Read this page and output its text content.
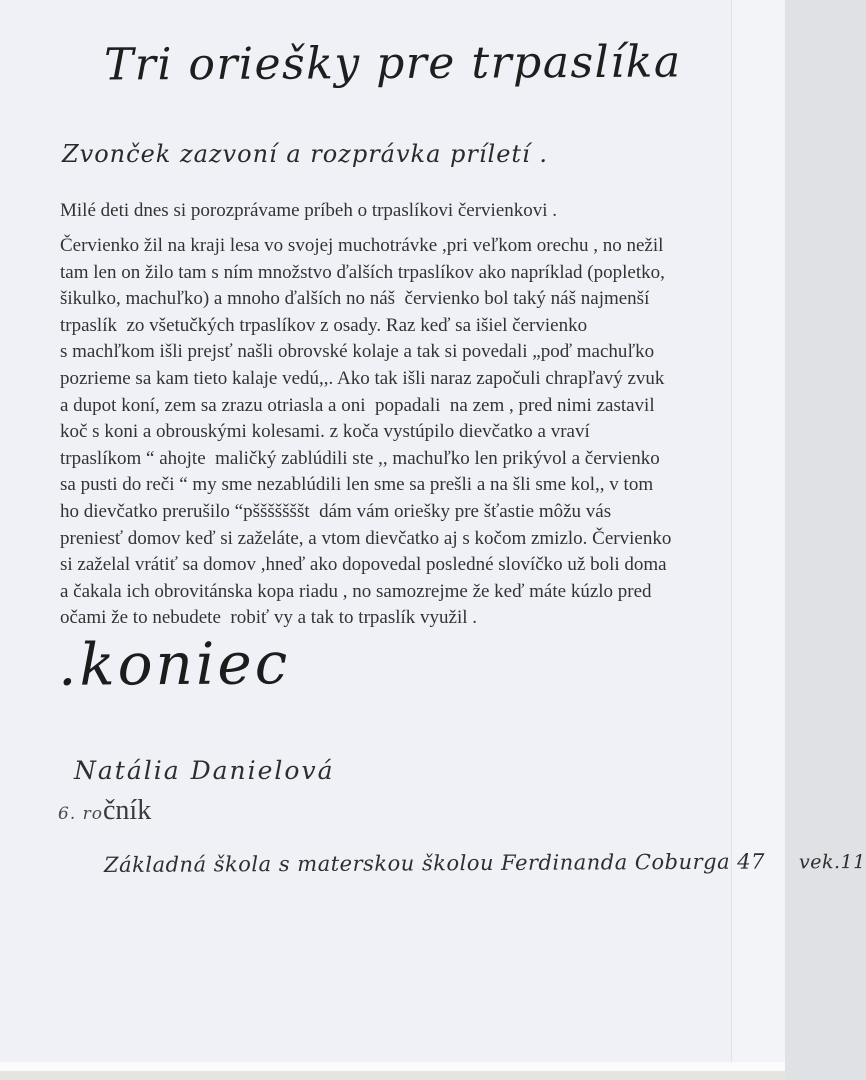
Tri oriešky pre trpaslíka
Zvonček zazvoní a rozprávka príletí .
Milé deti dnes si porozprávame príbeh o trpaslíkovi červienkovi .
Červienko žil na kraji lesa vo svojej muchotrávke ,pri veľkom orechu , no nežil
tam len on žilo tam s ním množstvo ďalších trpaslíkov ako napríklad (popletko,
šikulko, machuľko) a mnoho ďalších no náš  červienko bol taký náš najmenší
trpaslík  zo všetučkých trpaslíkov z osady. Raz keď sa išiel červienko
s machľkom išli prejsť našli obrovské kolaje a tak si povedali „poď machuľko
pozrieme sa kam tieto kalaje vedú,,. Ako tak išli naraz započuli chrapľavý zvuk
a dupot koní, zem sa zrazu otriasla a oni  popadali  na zem , pred nimi zastavil
koč s koni a obrouskými kolesami. z koča vystúpilo dievčatko a vraví
trpaslíkom “ ahojte  maličký zablúdili ste ,, machuľko len prikývol a červienko
sa pusti do reči “ my sme nezablúdili len sme sa prešli a na šli sme kol,, v tom
ho dievčatko prerušilo “pšššššššt  dám vám oriešky pre šťastie môžu vás
preniesť domov keď si zaželáte, a vtom dievčatko aj s kočom zmizlo. Červienko
si zaželal vrátiť sa domov ,hneď ako dopovedal posledné slovíčko už boli doma
a čakala ich obrovitánska kopa riadu , no samozrejme že keď máte kúzlo pred
očami že to nebudete  robiť vy a tak to trpaslík využil .
.koniec
Natália Danielová
6. ročník
Základná škola s materskou školou Ferdinanda Coburga 47 vek.11
